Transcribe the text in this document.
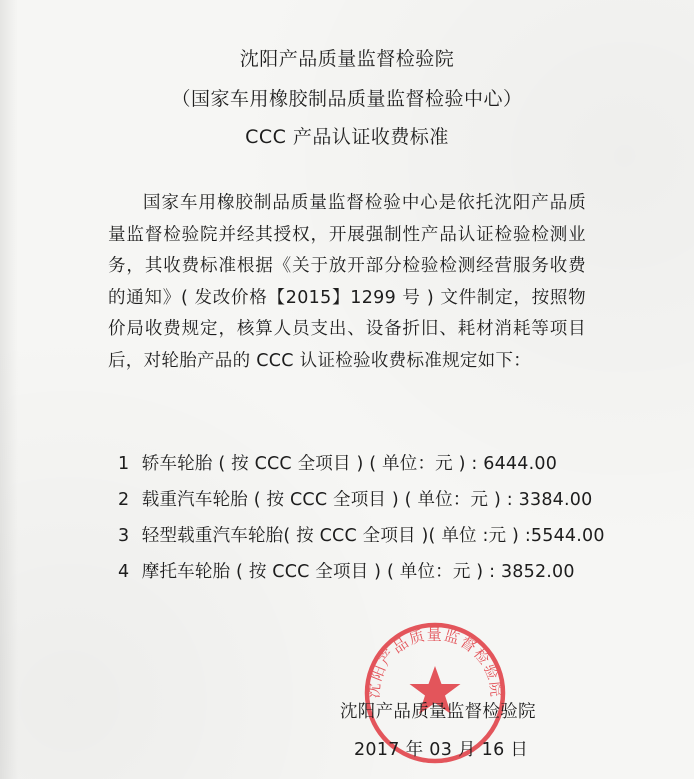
沈阳产品质量监督检验院
（国家车用橡胶制品质量监督检验中心）
CCC 产品认证收费标准
国家车用橡胶制品质量监督检验中心是依托沈阳产品质量监督检验院并经其授权，开展强制性产品认证检验检测业务，其收费标准根据《关于放开部分检验检测经营服务收费的通知》( 发改价格【2015】1299 号 ) 文件制定，按照物价局收费规定，核算人员支出、设备折旧、耗材消耗等项目后，对轮胎产品的 CCC 认证检验收费标准规定如下：
1 轿车轮胎 ( 按 CCC 全项目 ) ( 单位：元 ) : 6444.00
2 载重汽车轮胎 ( 按 CCC 全项目 ) ( 单位：元 ) : 3384.00
3 轻型载重汽车轮胎( 按 CCC 全项目 )( 单位 :元 ) :5544.00
4 摩托车轮胎 ( 按 CCC 全项目 ) ( 单位：元 ) : 3852.00
沈阳产品质量监督检验院
沈阳产品质量监督检验院
2017 年 03 月 16 日
